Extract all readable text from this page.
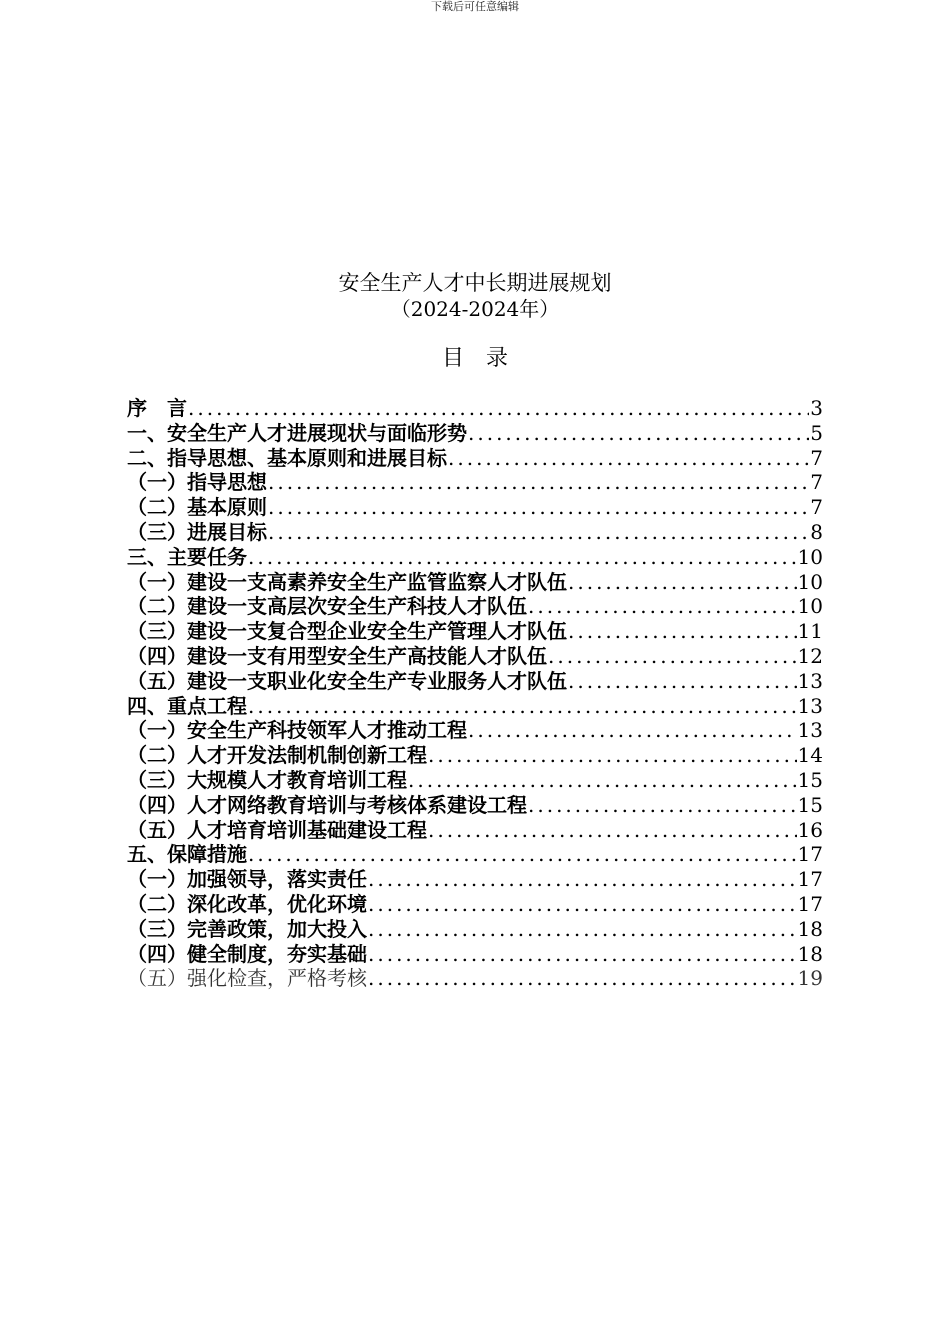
下载后可任意编辑
安全生产人才中长期进展规划
（2024-2024年）
目　录
序　言 .....	3
一、安全生产人才进展现状与面临形势 .....	5
二、指导思想、基本原则和进展目标 .....	7
（一）指导思想 .....	7
（二）基本原则 .....	7
（三）进展目标 .....	8
三、主要任务 .....	10
（一）建设一支高素养安全生产监管监察人才队伍 .....	10
（二）建设一支高层次安全生产科技人才队伍 .....	10
（三）建设一支复合型企业安全生产管理人才队伍 .....	11
（四）建设一支有用型安全生产高技能人才队伍 .....	12
（五）建设一支职业化安全生产专业服务人才队伍 .....	13
四、重点工程 .....	13
（一）安全生产科技领军人才推动工程 .....	13
（二）人才开发法制机制创新工程 .....	14
（三）大规模人才教育培训工程 .....	15
（四）人才网络教育培训与考核体系建设工程 .....	15
（五）人才培育培训基础建设工程 .....	16
五、保障措施 .....	17
（一）加强领导，落实责任 .....	17
（二）深化改革，优化环境 .....	17
（三）完善政策，加大投入 .....	18
（四）健全制度，夯实基础 .....	18
（五）强化检查，严格考核 .....	19
